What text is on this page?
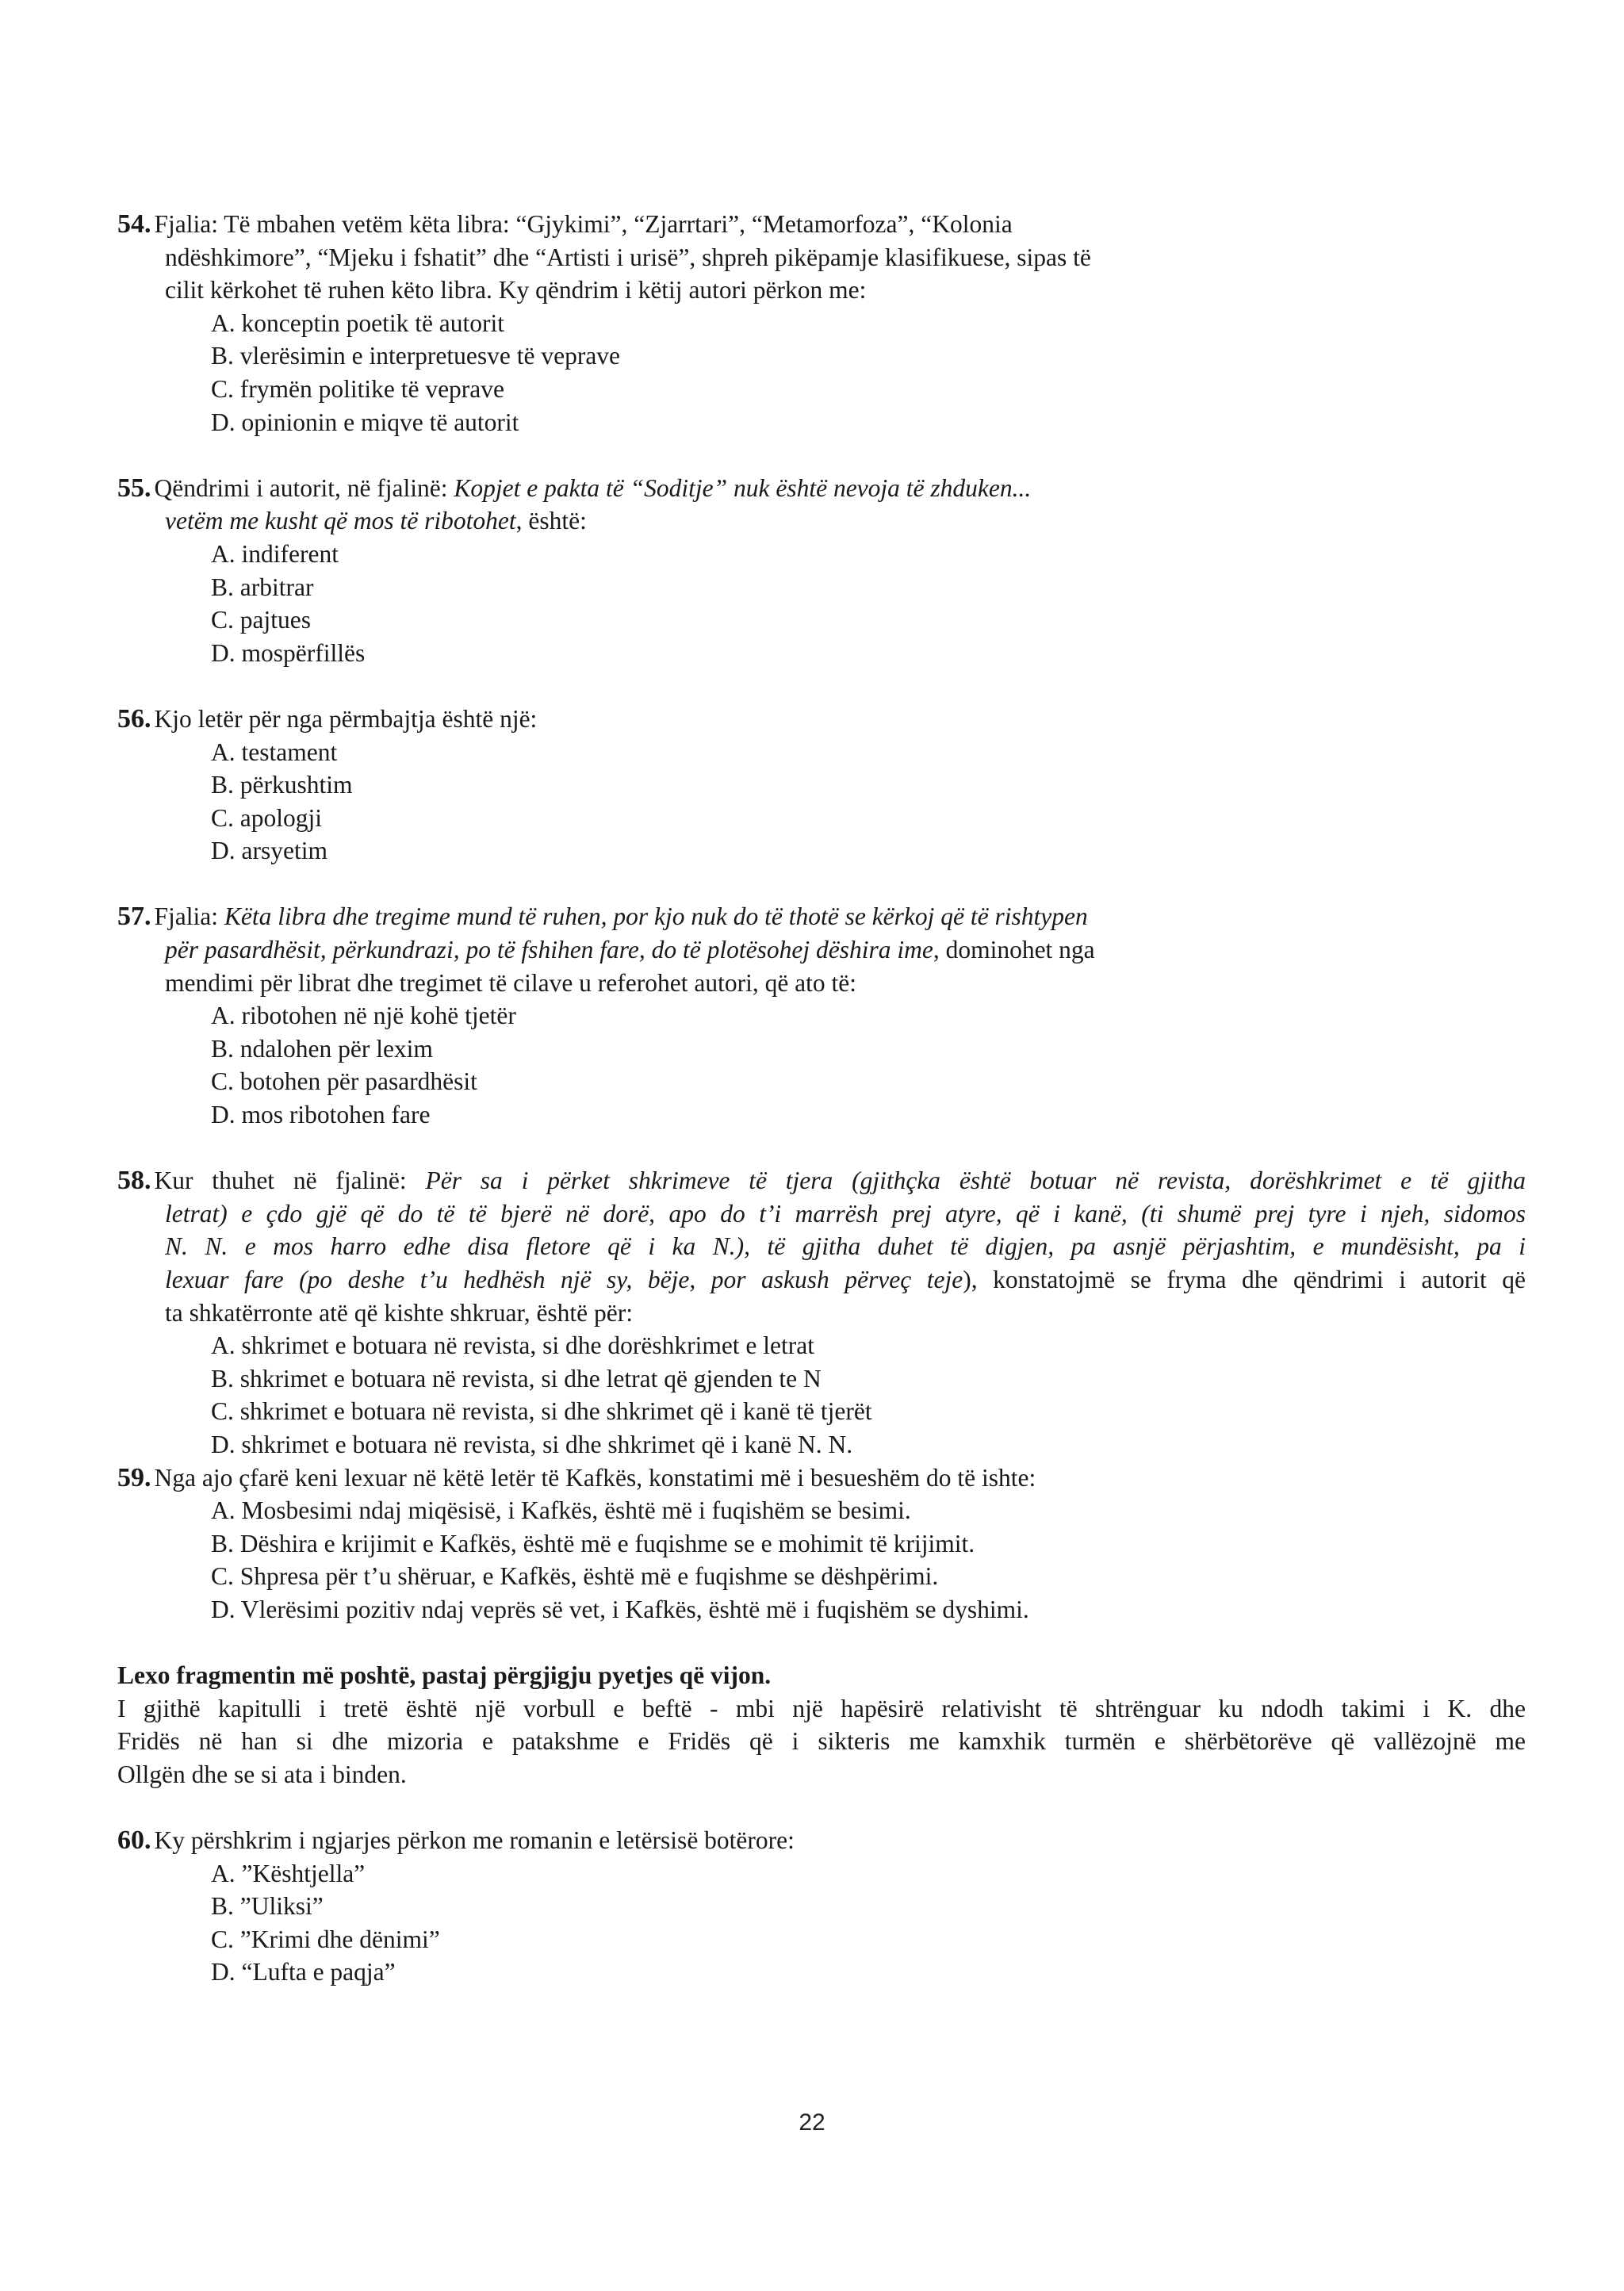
54. Fjalia: Të mbahen vetëm këta libra: “Gjykimi”, “Zjarrtari”, “Metamorfoza”, “Kolonia
ndëshkimore”, “Mjeku i fshatit” dhe “Artisti i urisë”, shpreh pikëpamje klasifikuese, sipas të
cilit kërkohet të ruhen këto libra. Ky qëndrim i këtij autori përkon me:
A. konceptin poetik të autorit
B. vlerësimin e interpretuesve të veprave
C. frymën politike të veprave
D. opinionin e miqve të autorit
55. Qëndrimi i autorit, në fjalinë: Kopjet e pakta të “Soditje” nuk është nevoja të zhduken...
vetëm me kusht që mos të ribotohet, është:
A. indiferent
B. arbitrar
C. pajtues
D. mospërfillës
56. Kjo letër për nga përmbajtja është një:
A. testament
B. përkushtim
C. apologji
D. arsyetim
57. Fjalia: Këta libra dhe tregime mund të ruhen, por kjo nuk do të thotë se kërkoj që të rishtypen
për pasardhësit, përkundrazi, po të fshihen fare, do të plotësohej dëshira ime, dominohet nga
mendimi për librat dhe tregimet të cilave u referohet autori, që ato të:
A. ribotohen në një kohë tjetër
B. ndalohen për lexim
C. botohen për pasardhësit
D. mos ribotohen fare
58. Kur thuhet në fjalinë: Për sa i përket shkrimeve të tjera (gjithçka është botuar në revista, dorëshkrimet e të gjitha
letrat) e çdo gjë që do të të bjerë në dorë, apo do t’i marrësh prej atyre, që i kanë, (ti shumë prej tyre i njeh, sidomos
N. N. e mos harro edhe disa fletore që i ka N.), të gjitha duhet të digjen, pa asnjë përjashtim, e mundësisht, pa i
lexuar fare (po deshe t’u hedhësh një sy, bëje, por askush përveç teje), konstatojmë se fryma dhe qëndrimi i autorit që
ta shkatërronte atë që kishte shkruar, është për:
A. shkrimet e botuara në revista, si dhe dorëshkrimet e letrat
B. shkrimet e botuara në revista, si dhe letrat që gjenden te N
C. shkrimet e botuara në revista, si dhe shkrimet që i kanë të tjerët
D. shkrimet e botuara në revista, si dhe shkrimet që i kanë N. N.
59. Nga ajo çfarë keni lexuar në këtë letër të Kafkës, konstatimi më i besueshëm do të ishte:
A. Mosbesimi ndaj miqësisë, i Kafkës, është më i fuqishëm se besimi.
B. Dëshira e krijimit e Kafkës, është më e fuqishme se e mohimit të krijimit.
C. Shpresa për t’u shëruar, e Kafkës, është më e fuqishme se dëshpërimi.
D. Vlerësimi pozitiv ndaj veprës së vet, i Kafkës, është më i fuqishëm se dyshimi.
Lexo fragmentin më poshtë, pastaj përgjigju pyetjes që vijon.
I gjithë kapitulli i tretë është një vorbull e beftë - mbi një hapësirë relativisht të shtrënguar ku ndodh takimi i K. dhe
Fridës në han si dhe mizoria e patakshme e Fridës që i sikteris me kamxhik turmën e shërbëtorëve që vallëzojnë me
Ollgën dhe se si ata i binden.
60. Ky përshkrim i ngjarjes përkon me romanin e letërsisë botërore:
A. ”Kështjella”
B. ”Uliksi”
C. ”Krimi dhe dënimi”
D. “Lufta e paqja”
22
